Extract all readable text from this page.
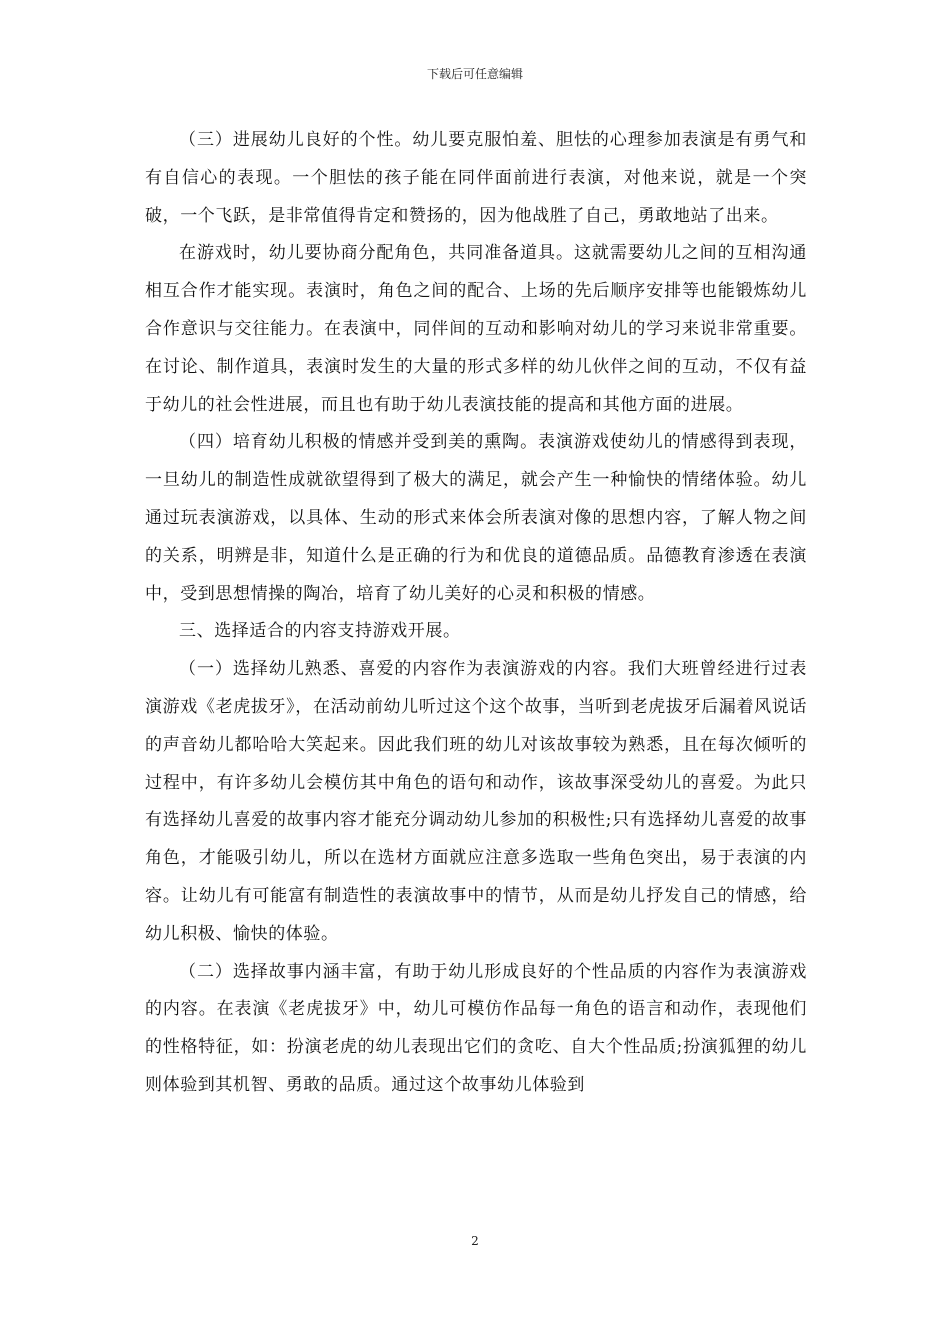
下载后可任意编辑

（三）进展幼儿良好的个性。幼儿要克服怕羞、胆怯的心理参加表演是有勇气和有自信心的表现。一个胆怯的孩子能在同伴面前进行表演，对他来说，就是一个突破，一个飞跃，是非常值得肯定和赞扬的，因为他战胜了自己，勇敢地站了出来。

在游戏时，幼儿要协商分配角色，共同准备道具。这就需要幼儿之间的互相沟通相互合作才能实现。表演时，角色之间的配合、上场的先后顺序安排等也能锻炼幼儿合作意识与交往能力。在表演中，同伴间的互动和影响对幼儿的学习来说非常重要。在讨论、制作道具，表演时发生的大量的形式多样的幼儿伙伴之间的互动，不仅有益于幼儿的社会性进展，而且也有助于幼儿表演技能的提高和其他方面的进展。

（四）培育幼儿积极的情感并受到美的熏陶。表演游戏使幼儿的情感得到表现，一旦幼儿的制造性成就欲望得到了极大的满足，就会产生一种愉快的情绪体验。幼儿通过玩表演游戏，以具体、生动的形式来体会所表演对像的思想内容，了解人物之间的关系，明辨是非，知道什么是正确的行为和优良的道德品质。品德教育渗透在表演中，受到思想情操的陶冶，培育了幼儿美好的心灵和积极的情感。

三、选择适合的内容支持游戏开展。

（一）选择幼儿熟悉、喜爱的内容作为表演游戏的内容。我们大班曾经进行过表演游戏《老虎拔牙》，在活动前幼儿听过这个这个故事，当听到老虎拔牙后漏着风说话的声音幼儿都哈哈大笑起来。因此我们班的幼儿对该故事较为熟悉，且在每次倾听的过程中，有许多幼儿会模仿其中角色的语句和动作，该故事深受幼儿的喜爱。为此只有选择幼儿喜爱的故事内容才能充分调动幼儿参加的积极性;只有选择幼儿喜爱的故事角色，才能吸引幼儿，所以在选材方面就应注意多选取一些角色突出，易于表演的内容。让幼儿有可能富有制造性的表演故事中的情节，从而是幼儿抒发自己的情感，给幼儿积极、愉快的体验。

（二）选择故事内涵丰富，有助于幼儿形成良好的个性品质的内容作为表演游戏的内容。在表演《老虎拔牙》中，幼儿可模仿作品每一角色的语言和动作，表现他们的性格特征，如：扮演老虎的幼儿表现出它们的贪吃、自大个性品质;扮演狐狸的幼儿则体验到其机智、勇敢的品质。通过这个故事幼儿体验到

2
